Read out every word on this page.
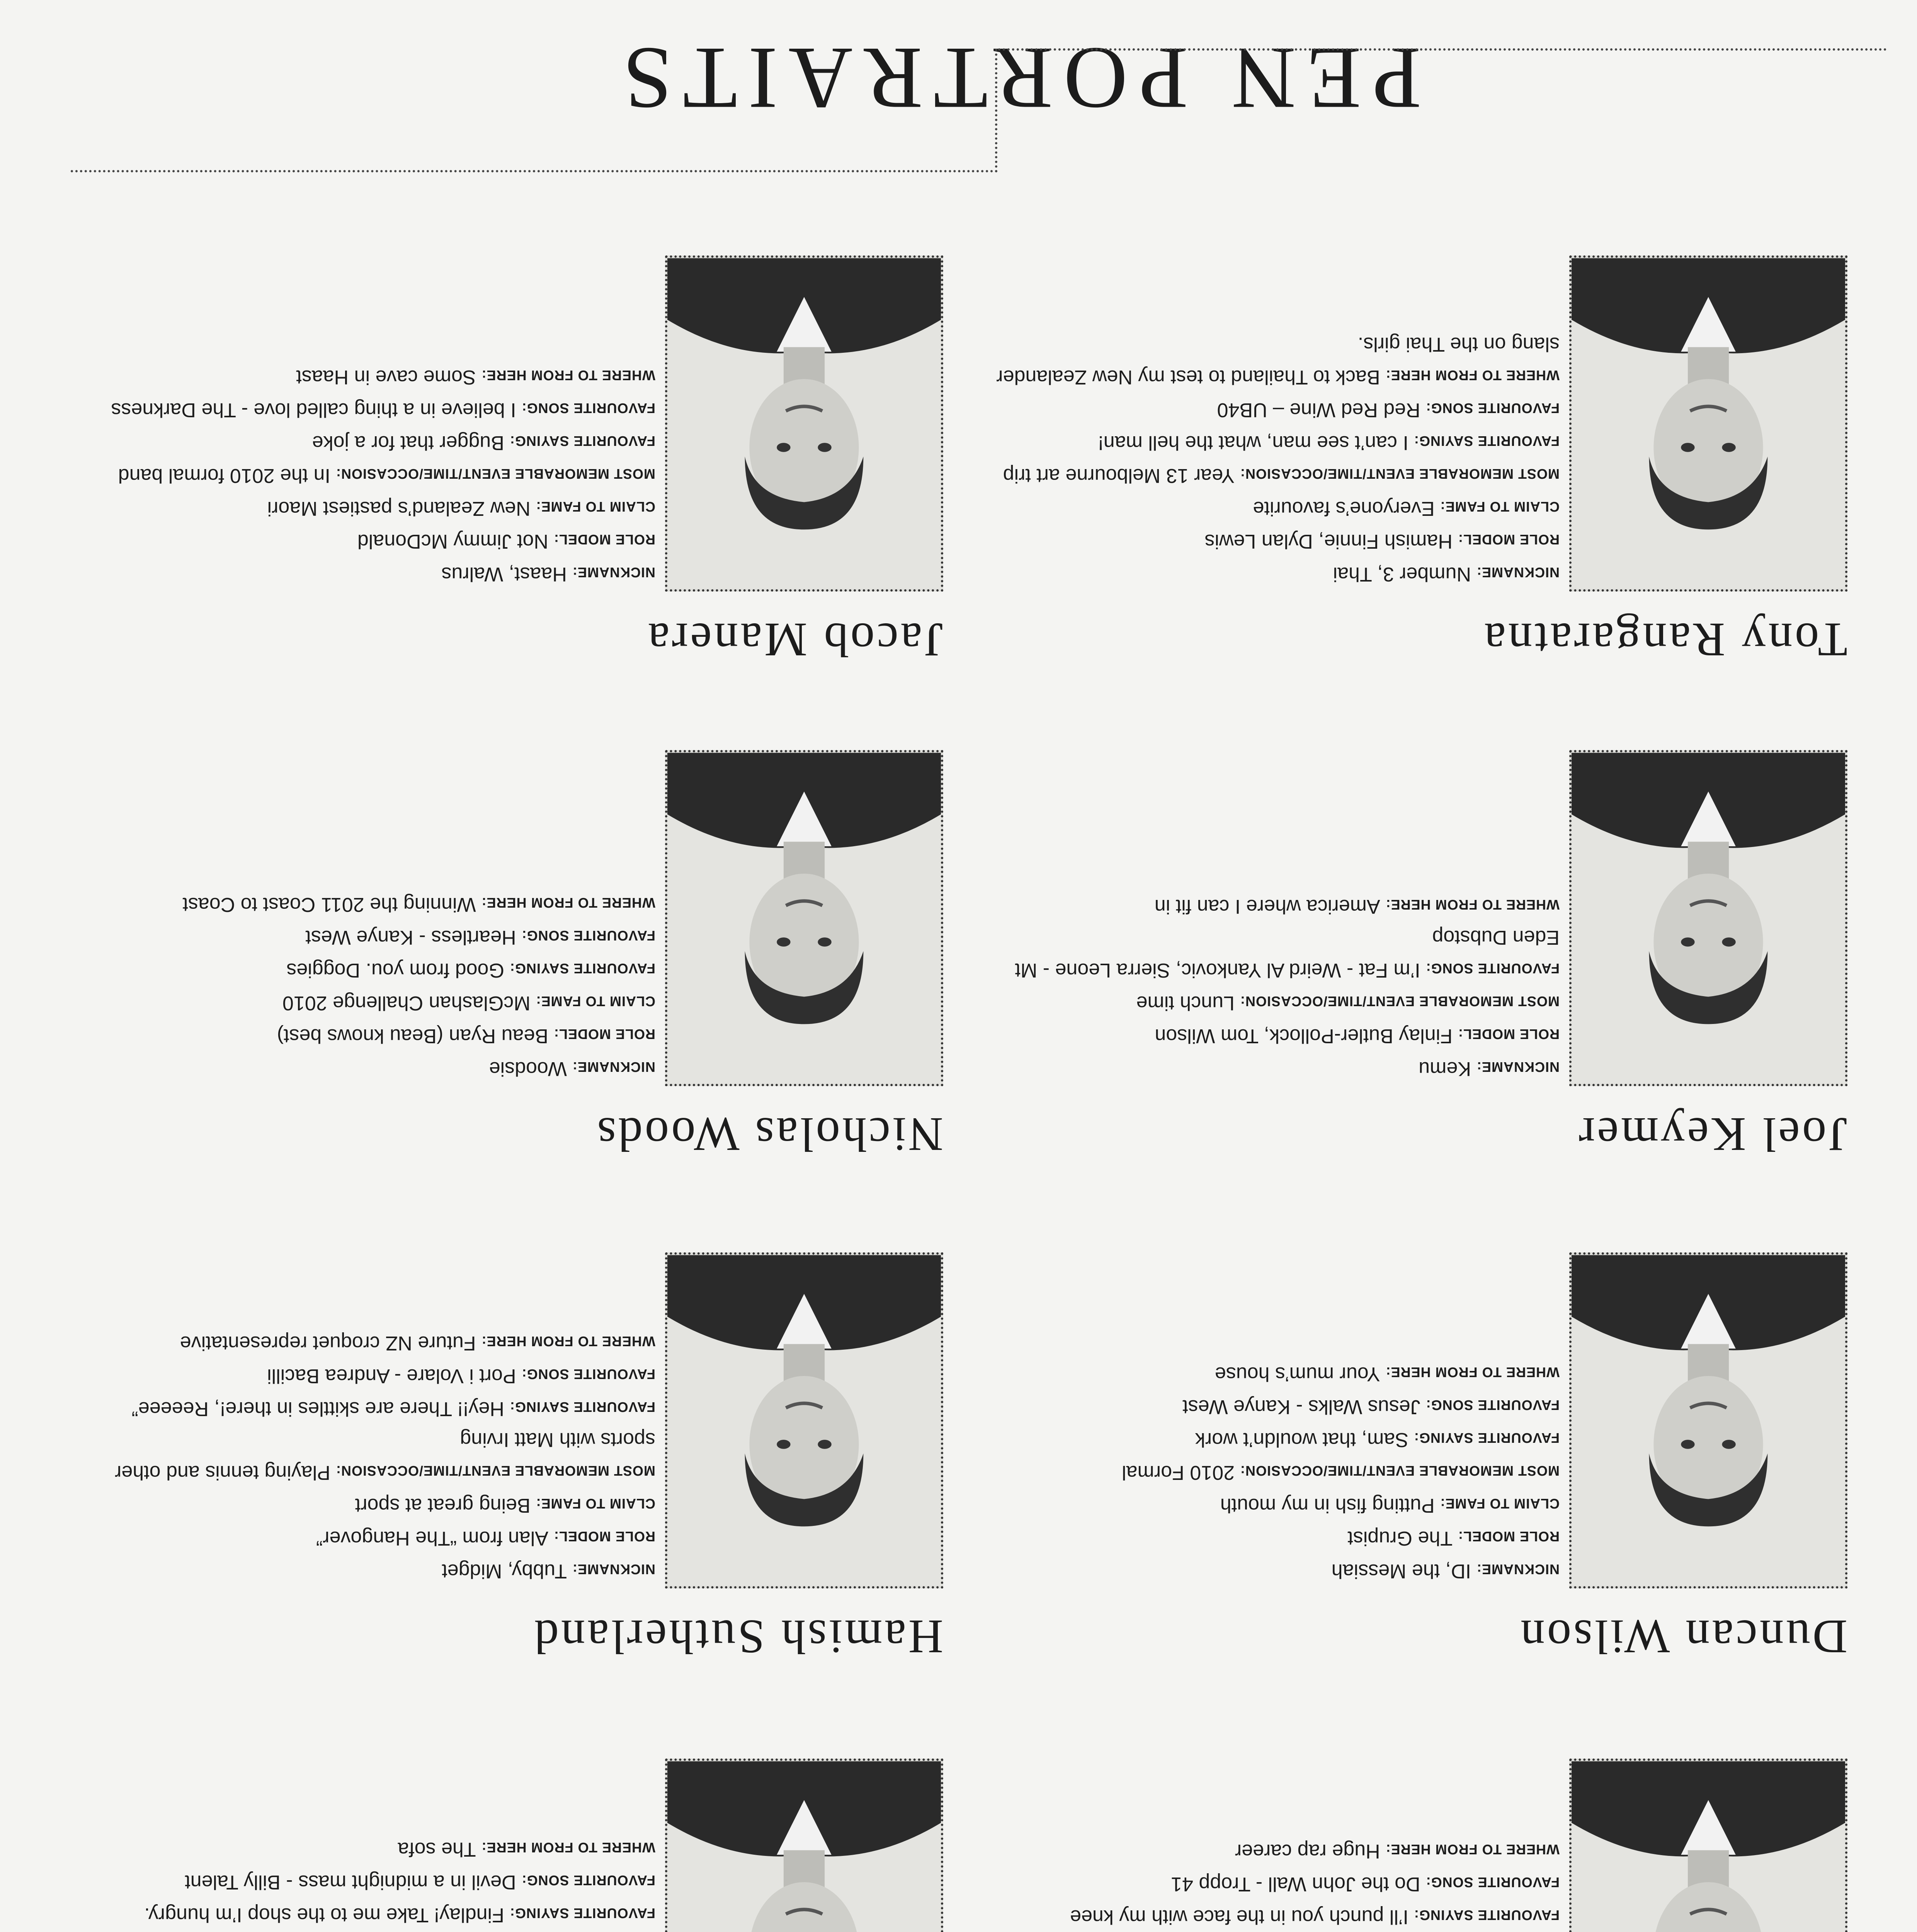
PEN PORTRAITS
Tony Rangaratna

NICKNAME:Number 3, Thai

ROLE MODEL:Hamish Finnie, Dylan Lewis

CLAIM TO FAME:Everyone’s favourite

MOST MEMORABLE EVENT/TIME/OCCASION:Year 13 Melbourne art trip

FAVOURITE SAYING:I can’t see man, what the hell man!

FAVOURITE SONG:Red Red Wine – UB40

WHERE TO FROM HERE:Back to Thailand to test my New Zealander slang on the Thai girls.

Joel Keymer

NICKNAME:Kemu

ROLE MODEL:Finlay Butler-Pollock, Tom Wilson

MOST MEMORABLE EVENT/TIME/OCCASION:Lunch time

FAVOURITE SONG:I’m Fat - Weird Al Yankovic, Sierra Leone - Mt Eden Dubstop

WHERE TO FROM HERE:America where I can fit in

Duncan Wilson

NICKNAME:ID, the Messiah

ROLE MODEL:The Grupist

CLAIM TO FAME:Putting fish in my mouth

MOST MEMORABLE EVENT/TIME/OCCASION:2010 Formal

FAVOURITE SAYING:Sam, that wouldn’t work

FAVOURITE SONG:Jesus Walks - Kanye West

WHERE TO FROM HERE:Your mum’s house

FAVOURITE SAYING:I’ll punch you in the face with my knee

FAVOURITE SONG:Do the John Wall - Tropp 41

WHERE TO FROM HERE:Huge rap career

Jacob Manera

NICKNAME:Haast, Walrus

ROLE MODEL:Not Jimmy McDonald

CLAIM TO FAME:New Zealand’s pastiest Maori

MOST MEMORABLE EVENT/TIME/OCCASION:In the 2010 formal band

FAVOURITE SAYING:Bugger that for a joke

FAVOURITE SONG:I believe in a thing called love - The Darkness

WHERE TO FROM HERE:Some cave in Haast

Nicholas Woods

NICKNAME:Woodsie

ROLE MODEL:Beau Ryan (Beau knows best)

CLAIM TO FAME:McGlashan Challenge 2010

FAVOURITE SAYING:Good from you. Doggies

FAVOURITE SONG:Heartless - Kanye West

WHERE TO FROM HERE:Winning the 2011 Coast to Coast

Hamish Sutherland

NICKNAME:Tubby, Midget

ROLE MODEL:Alan from “The Hangover”

CLAIM TO FAME:Being great at sport

MOST MEMORABLE EVENT/TIME/OCCASION:Playing tennis and other sports with Matt Irving

FAVOURITE SAYING:Hey!! There are skittles in there!, Reeeee”

FAVOURITE SONG:Port i Volare - Andrea Bacilli

WHERE TO FROM HERE:Future NZ croquet representative

FAVOURITE SAYING:Findlay! Take me to the shop I’m hungry.

FAVOURITE SONG:Devil in a midnight mass - Billy Talent

WHERE TO FROM HERE:The sofa
